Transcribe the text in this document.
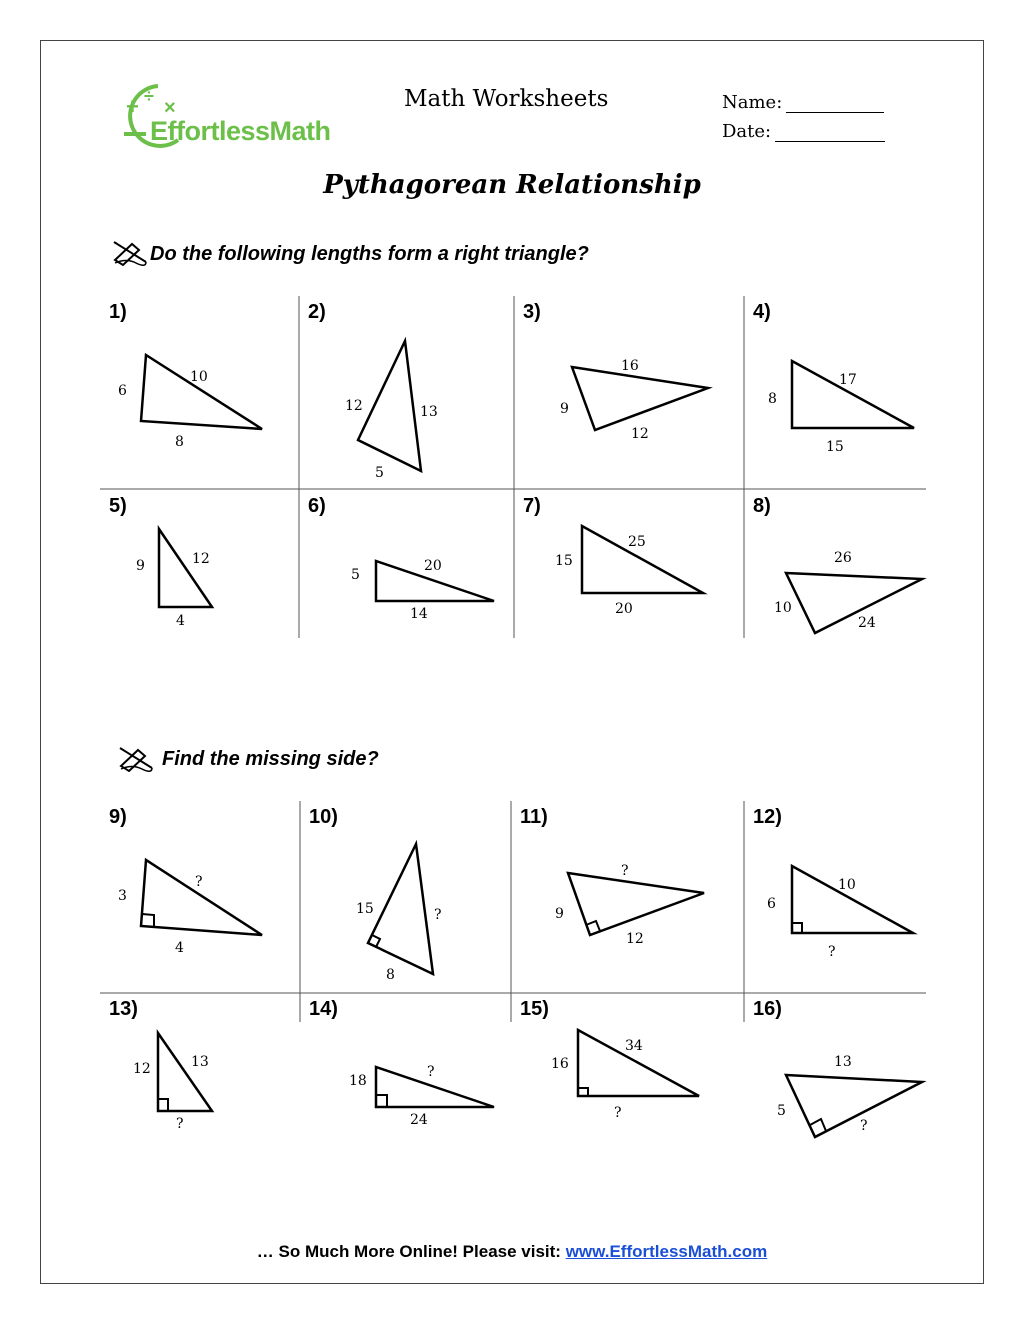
+ ÷
×
EffortlessMath
Math Worksheets	Name:
Date:
Pythagorean Relationship
Do the following lengths form a right triangle?
Find the missing side?
1)	2)	3)	4)
5)	6)	7)	8)
9)	10)	11)	12)
13)	14)	15)	16)
6
10
8
12	13
5
16
9
12
8
17
15
9	12
4
5
20
14
15
25
20
26
10
24
3
?
4
15	?
8
?
9
12
6
10
?
12	13
?
18
?
24
16
34
?
13
5
?
… So Much More Online! Please visit: www.EffortlessMath.com
